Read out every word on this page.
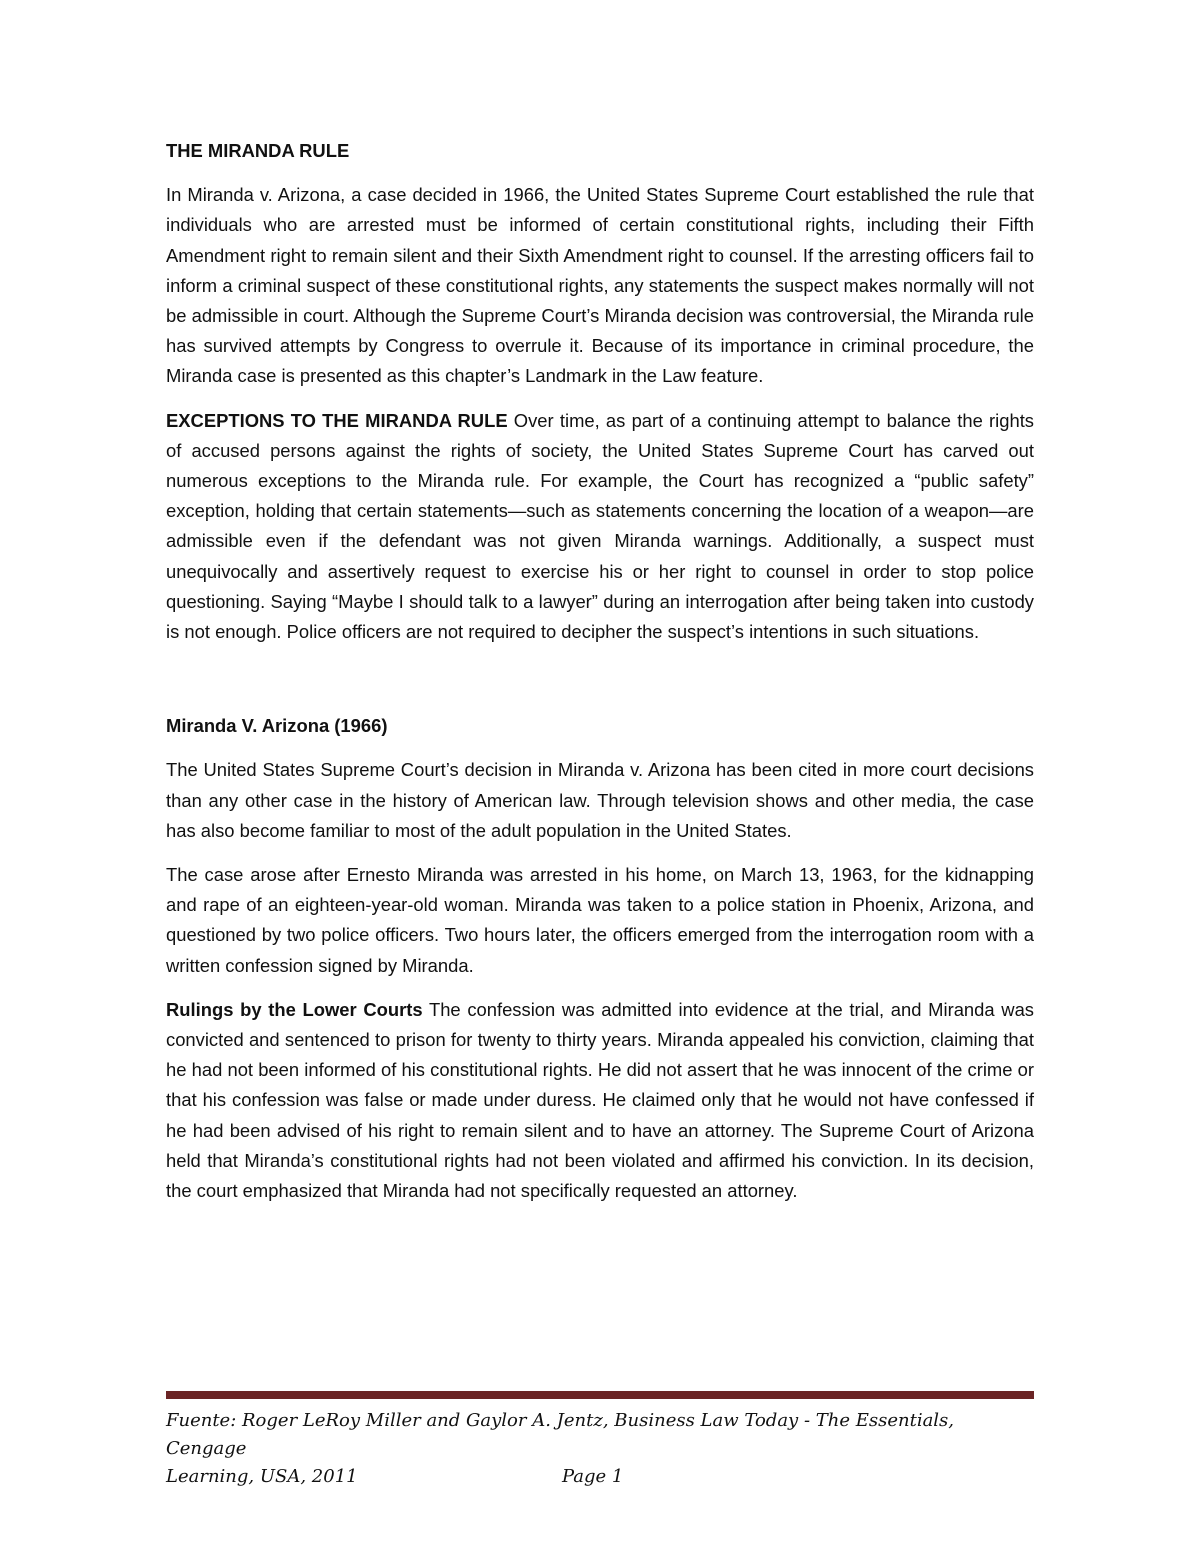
THE MIRANDA RULE

In Miranda v. Arizona, a case decided in 1966, the United States Supreme Court established the rule that individuals who are arrested must be informed of certain constitutional rights, including their Fifth Amendment right to remain silent and their Sixth Amendment right to counsel. If the arresting officers fail to inform a criminal suspect of these constitutional rights, any statements the suspect makes normally will not be admissible in court. Although the Supreme Court’s Miranda decision was controversial, the Miranda rule has survived attempts by Congress to overrule it. Because of its importance in criminal procedure, the Miranda case is presented as this chapter’s Landmark in the Law feature.

EXCEPTIONS TO THE MIRANDA RULE Over time, as part of a continuing attempt to balance the rights of accused persons against the rights of society, the United States Supreme Court has carved out numerous exceptions to the Miranda rule. For example, the Court has recognized a “public safety” exception, holding that certain statements—such as statements concerning the location of a weapon—are admissible even if the defendant was not given Miranda warnings. Additionally, a suspect must unequivocally and assertively request to exercise his or her right to counsel in order to stop police questioning. Saying “Maybe I should talk to a lawyer” during an interrogation after being taken into custody is not enough. Police officers are not required to decipher the suspect’s intentions in such situations.

Miranda V. Arizona (1966)

The United States Supreme Court’s decision in Miranda v. Arizona has been cited in more court decisions than any other case in the history of American law. Through television shows and other media, the case has also become familiar to most of the adult population in the United States.

The case arose after Ernesto Miranda was arrested in his home, on March 13, 1963, for the kidnapping and rape of an eighteen-year-old woman. Miranda was taken to a police station in Phoenix, Arizona, and questioned by two police officers. Two hours later, the officers emerged from the interrogation room with a written confession signed by Miranda.

Rulings by the Lower Courts The confession was admitted into evidence at the trial, and Miranda was convicted and sentenced to prison for twenty to thirty years. Miranda appealed his conviction, claiming that he had not been informed of his constitutional rights. He did not assert that he was innocent of the crime or that his confession was false or made under duress. He claimed only that he would not have confessed if he had been advised of his right to remain silent and to have an attorney. The Supreme Court of Arizona held that Miranda’s constitutional rights had not been violated and affirmed his conviction. In its decision, the court emphasized that Miranda had not specifically requested an attorney.

Fuente: Roger LeRoy Miller and Gaylor A. Jentz, Business Law Today - The Essentials, Cengage
Learning, USA, 2011	Page 1
